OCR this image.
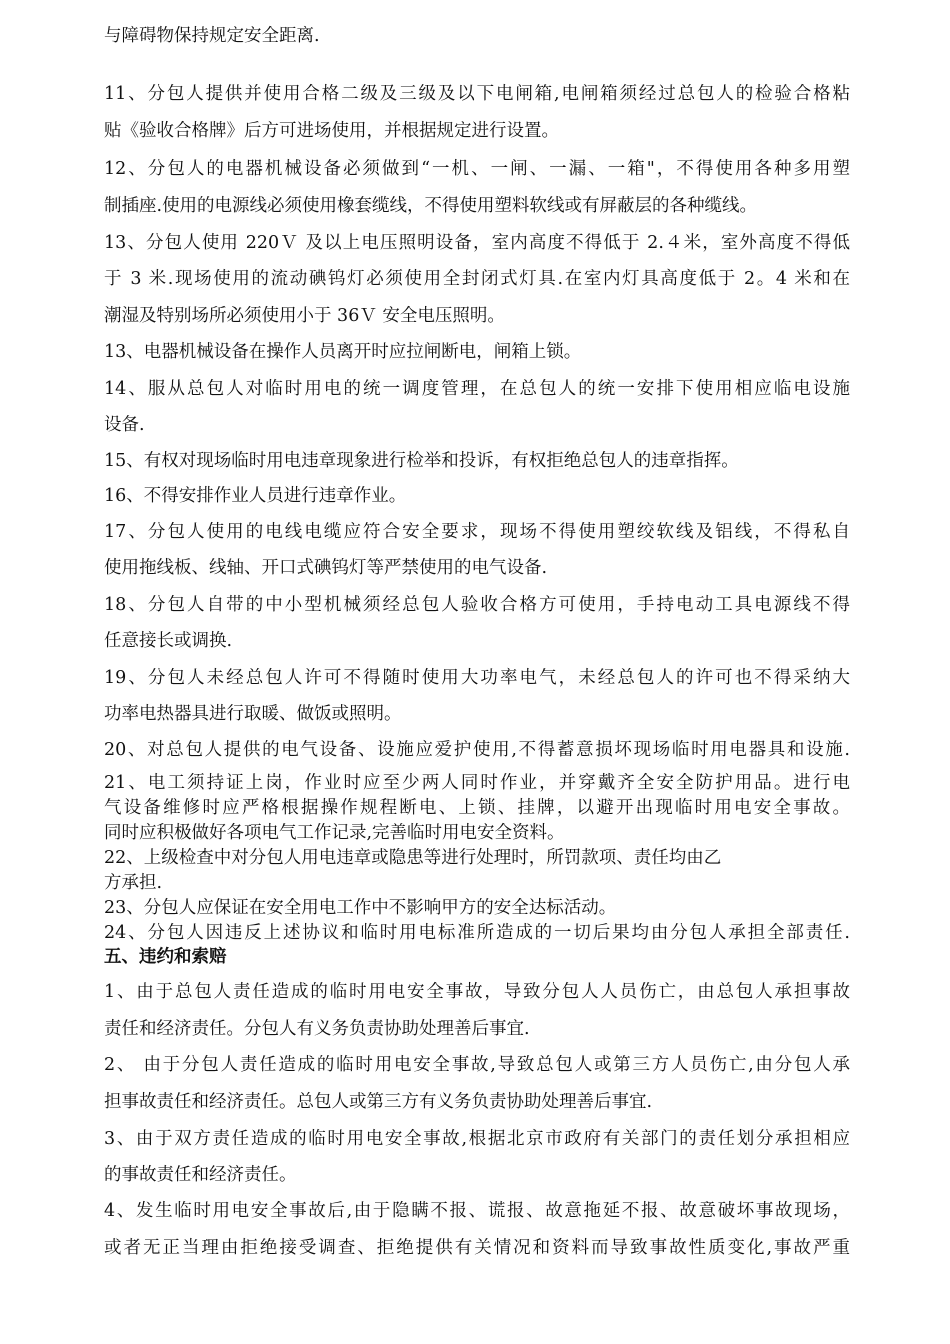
与障碍物保持规定安全距离.
11、分包人提供并使用合格二级及三级及以下电闸箱,电闸箱须经过总包人的检验合格粘
贴《验收合格牌》后方可进场使用，并根据规定进行设置。
12、分包人的电器机械设备必须做到“一机、一闸、一漏、一箱"，不得使用各种多用塑
制插座.使用的电源线必须使用橡套缆线，不得使用塑料软线或有屏蔽层的各种缆线。
13、分包人使用 220Ｖ 及以上电压照明设备，室内高度不得低于 2.４米，室外高度不得低
于 3 米.现场使用的流动碘钨灯必须使用全封闭式灯具.在室内灯具高度低于 2。4 米和在
潮湿及特别场所必须使用小于 36Ｖ 安全电压照明。
13、电器机械设备在操作人员离开时应拉闸断电，闸箱上锁。
14、服从总包人对临时用电的统一调度管理，在总包人的统一安排下使用相应临电设施
设备.
15、有权对现场临时用电违章现象进行检举和投诉，有权拒绝总包人的违章指挥。
16、不得安排作业人员进行违章作业。
17、分包人使用的电线电缆应符合安全要求，现场不得使用塑绞软线及铝线，不得私自
使用拖线板、线轴、开口式碘钨灯等严禁使用的电气设备.
18、分包人自带的中小型机械须经总包人验收合格方可使用，手持电动工具电源线不得
任意接长或调换.
19、分包人未经总包人许可不得随时使用大功率电气，未经总包人的许可也不得采纳大
功率电热器具进行取暖、做饭或照明。
20、对总包人提供的电气设备、设施应爱护使用,不得蓄意损坏现场临时用电器具和设施.
21、电工须持证上岗，作业时应至少两人同时作业，并穿戴齐全安全防护用品。进行电
气设备维修时应严格根据操作规程断电、上锁、挂牌，以避开出现临时用电安全事故。
同时应积极做好各项电气工作记录,完善临时用电安全资料。
22、上级检查中对分包人用电违章或隐患等进行处理时，所罚款项、责任均由乙
方承担.
23、分包人应保证在安全用电工作中不影响甲方的安全达标活动。
24、分包人因违反上述协议和临时用电标准所造成的一切后果均由分包人承担全部责任.
五、违约和索赔
1、由于总包人责任造成的临时用电安全事故，导致分包人人员伤亡，由总包人承担事故
责任和经济责任。分包人有义务负责协助处理善后事宜.
2、 由于分包人责任造成的临时用电安全事故,导致总包人或第三方人员伤亡,由分包人承
担事故责任和经济责任。总包人或第三方有义务负责协助处理善后事宜.
3、由于双方责任造成的临时用电安全事故,根据北京市政府有关部门的责任划分承担相应
的事故责任和经济责任。
4、发生临时用电安全事故后,由于隐瞒不报、谎报、故意拖延不报、故意破坏事故现场，
或者无正当理由拒绝接受调查、拒绝提供有关情况和资料而导致事故性质变化,事故严重
